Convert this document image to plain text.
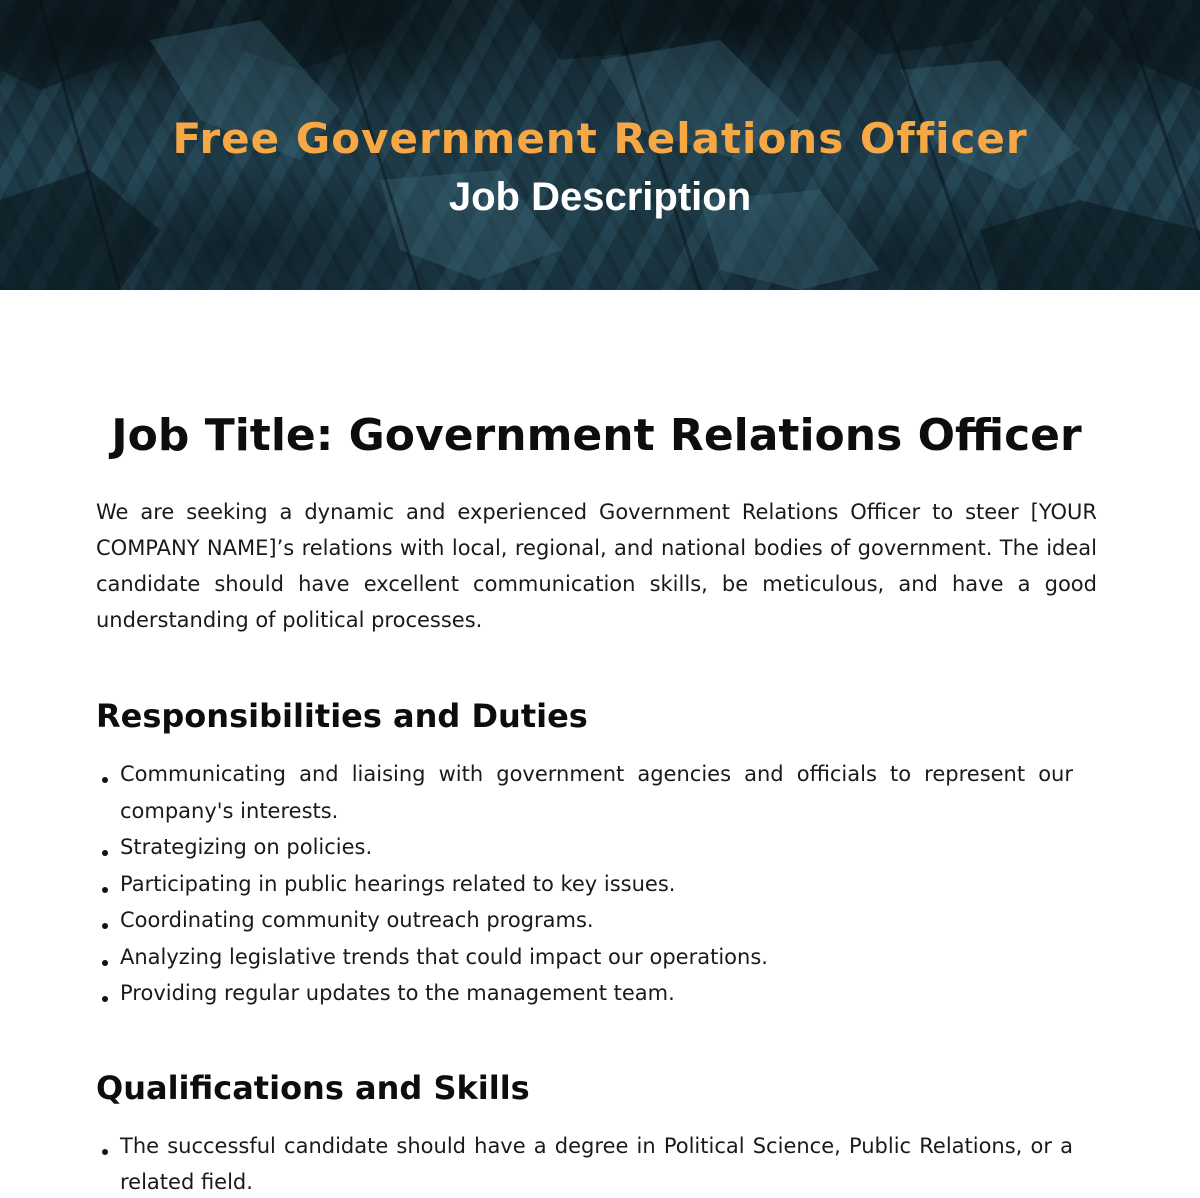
Free Government Relations Officer
Job Description
Job Title: Government Relations Officer

We are seeking a dynamic and experienced Government Relations Officer to steer [YOUR COMPANY NAME]’s relations with local, regional, and national bodies of government. The ideal candidate should have excellent communication skills, be meticulous, and have a good understanding of political processes.

Responsibilities and Duties
Communicating and liaising with government agencies and officials to represent our company's interests.
Strategizing on policies.
Participating in public hearings related to key issues.
Coordinating community outreach programs.
Analyzing legislative trends that could impact our operations.
Providing regular updates to the management team.
Qualifications and Skills
The successful candidate should have a degree in Political Science, Public Relations, or a related field.
